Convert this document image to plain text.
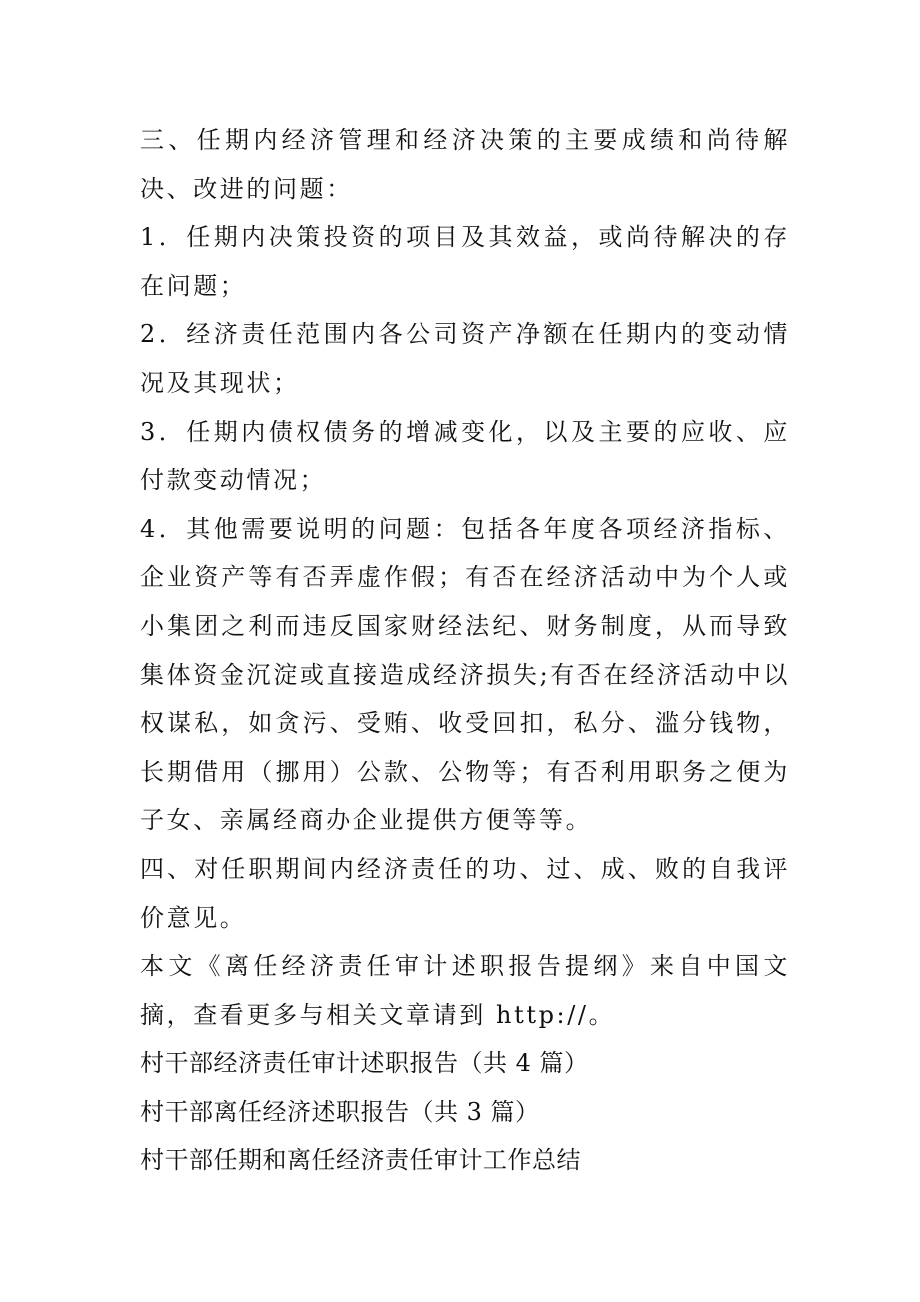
三、任期内经济管理和经济决策的主要成绩和尚待解决、改进的问题：

1．任期内决策投资的项目及其效益，或尚待解决的存在问题；

2．经济责任范围内各公司资产净额在任期内的变动情况及其现状；

3．任期内债权债务的增减变化，以及主要的应收、应付款变动情况；

4．其他需要说明的问题：包括各年度各项经济指标、企业资产等有否弄虚作假；有否在经济活动中为个人或小集团之利而违反国家财经法纪、财务制度，从而导致集体资金沉淀或直接造成经济损失;有否在经济活动中以权谋私，如贪污、受贿、收受回扣，私分、滥分钱物，长期借用（挪用）公款、公物等；有否利用职务之便为子女、亲属经商办企业提供方便等等。

四、对任职期间内经济责任的功、过、成、败的自我评价意见。

本文《离任经济责任审计述职报告提纲》来自中国文摘，查看更多与相关文章请到 http://。

村干部经济责任审计述职报告（共 4 篇）

村干部离任经济述职报告（共 3 篇）

村干部任期和离任经济责任审计工作总结
